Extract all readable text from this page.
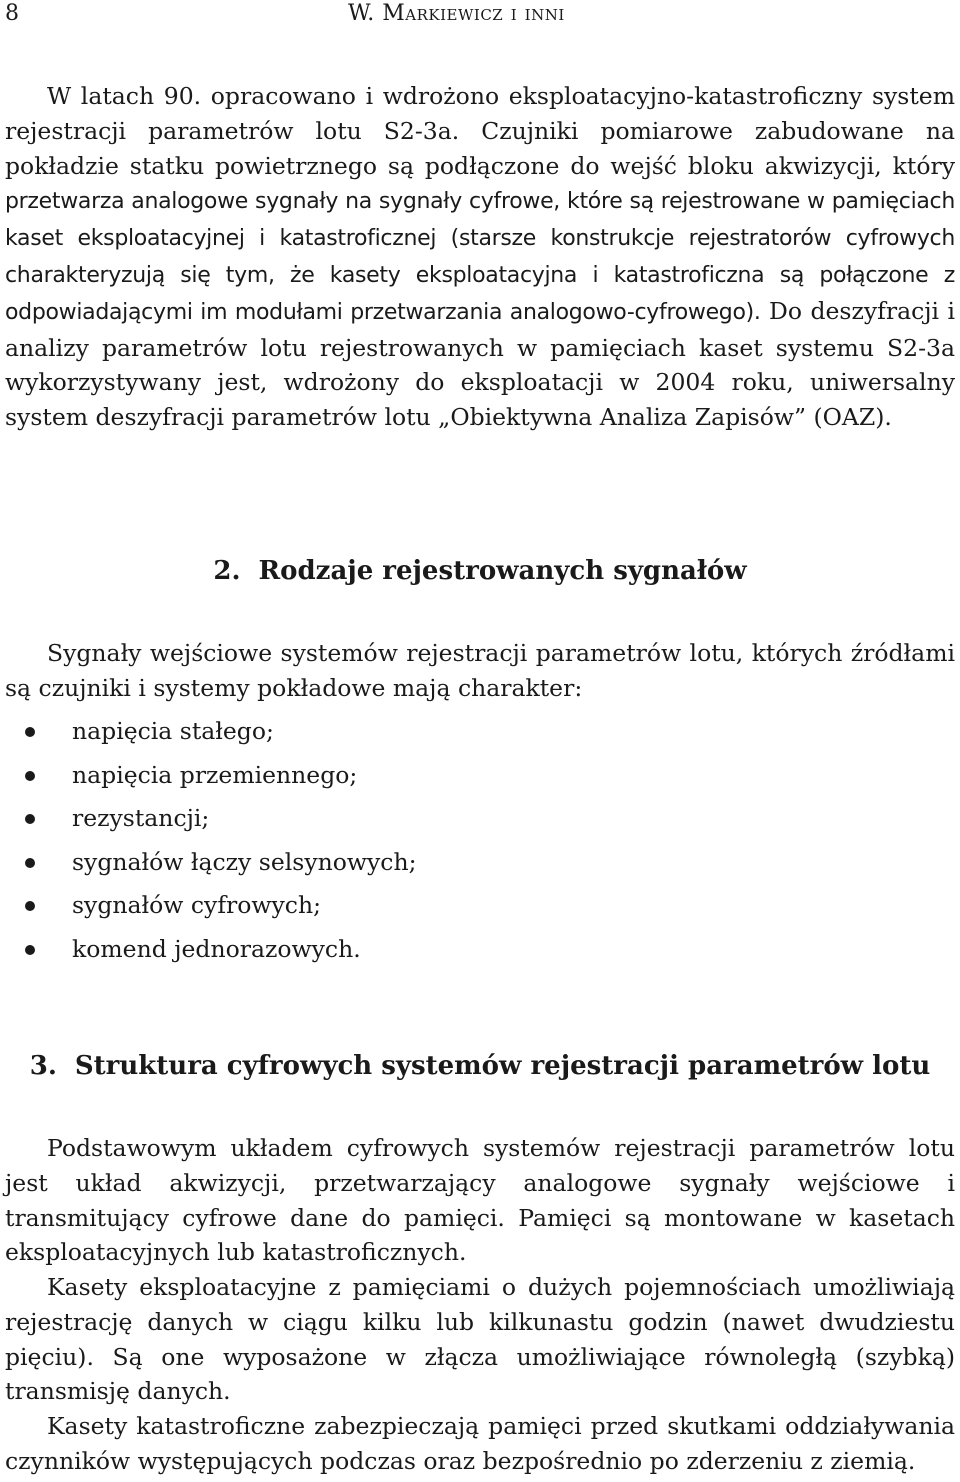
8	W. Markiewicz i inni

W latach 90. opracowano i wdrożono eksploatacyjno-katastroficzny system rejestracji parametrów lotu S2-3a. Czujniki pomiarowe zabudowane na pokładzie statku powietrznego są podłączone do wejść bloku akwizycji, który przetwarza analogowe sygnały na sygnały cyfrowe, które są rejestrowane w pamięciach kaset eksploatacyjnej i katastroficznej (starsze konstrukcje rejestratorów cyfrowych charakteryzują się tym, że kasety eksploatacyjna i katastroficzna są połączone z odpowiadającymi im modułami przetwarzania analogowo-cyfrowego). Do deszyfracji i analizy parametrów lotu rejestrowanych w pamięciach kaset systemu S2-3a wykorzystywany jest, wdrożony do eksploatacji w 2004 roku, uniwersalny system deszyfracji parametrów lotu „Obiektywna Analiza Zapisów” (OAZ).

2. Rodzaje rejestrowanych sygnałów

Sygnały wejściowe systemów rejestracji parametrów lotu, których źródłami są czujniki i systemy pokładowe mają charakter:

napięcia stałego;
napięcia przemiennego;
rezystancji;
sygnałów łączy selsynowych;
sygnałów cyfrowych;
komend jednorazowych.
3. Struktura cyfrowych systemów rejestracji parametrów lotu

Podstawowym układem cyfrowych systemów rejestracji parametrów lotu jest układ akwizycji, przetwarzający analogowe sygnały wejściowe i transmitujący cyfrowe dane do pamięci. Pamięci są montowane w kasetach eksploatacyjnych lub katastroficznych.

Kasety eksploatacyjne z pamięciami o dużych pojemnościach umożliwiają rejestrację danych w ciągu kilku lub kilkunastu godzin (nawet dwudziestu pięciu). Są one wyposażone w złącza umożliwiające równoległą (szybką) transmisję danych.

Kasety katastroficzne zabezpieczają pamięci przed skutkami oddziaływania czynników występujących podczas oraz bezpośrednio po zderzeniu z ziemią.
